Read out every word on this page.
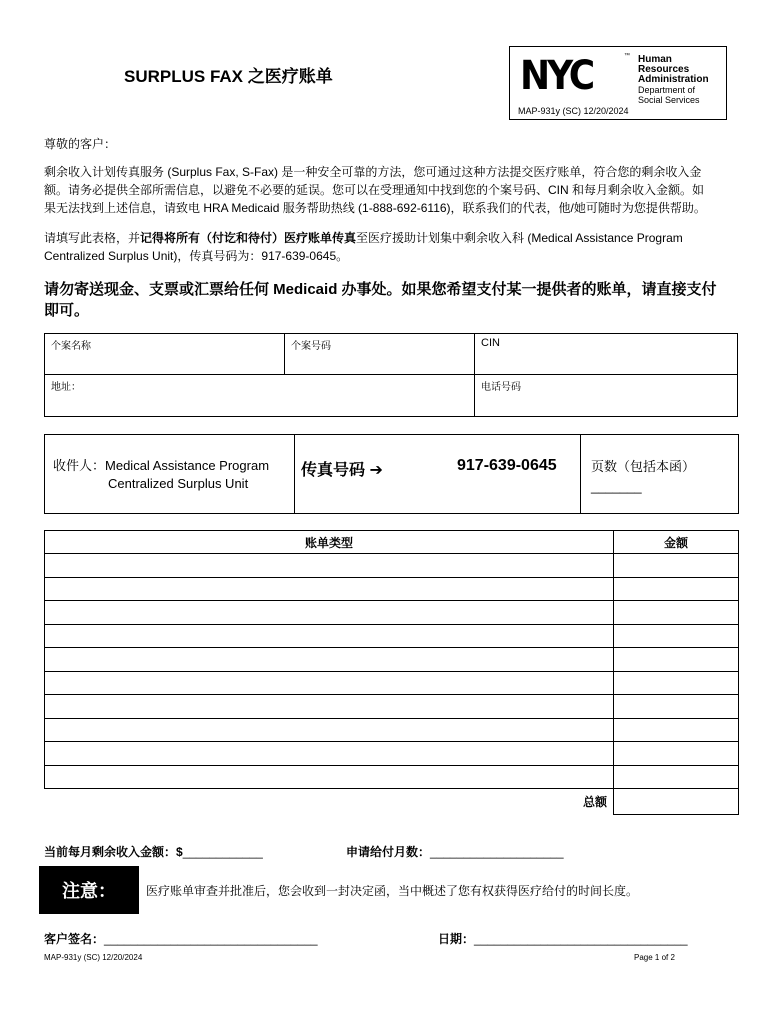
SURPLUS FAX 之医疗账单	NYC	™ Human Resources
Administration
Department of
Social Services
MAP-931y (SC) 12/20/2024
尊敬的客户：
剩余收入计划传真服务 (Surplus Fax, S-Fax) 是一种安全可靠的方法，您可通过这种方法提交医疗账单，符合您的剩余收入金
额。请务必提供全部所需信息，以避免不必要的延误。您可以在受理通知中找到您的个案号码、CIN 和每月剩余收入金额。如
果无法找到上述信息，请致电 HRA Medicaid 服务帮助热线 (1-888-692-6116)，联系我们的代表，他/她可随时为您提供帮助。
请填写此表格，并记得将所有（付讫和待付）医疗账单传真至医疗援助计划集中剩余收入科 (Medical Assistance Program
Centralized Surplus Unit)，传真号码为：917-639-0645。
请勿寄送现金、支票或汇票给任何 Medicaid 办事处。如果您希望支付某一提供者的账单，请直接支付
即可。
个案名称	个案号码	CIN
地址：		电话号码
收件人：Medical Assistance Program
Centralized Surplus Unit
传真号码 ➔	917-639-0645	页数（包括本函）
_______
账单类型	金额

总额	
当前每月剩余收入金额：$____________	申请给付月数：____________________
注意：	医疗账单审查并批准后，您会收到一封决定函，当中概述了您有权获得医疗给付的时间长度。
客户签名：________________________________	日期：________________________________
MAP-931y (SC) 12/20/2024	Page 1 of 2
